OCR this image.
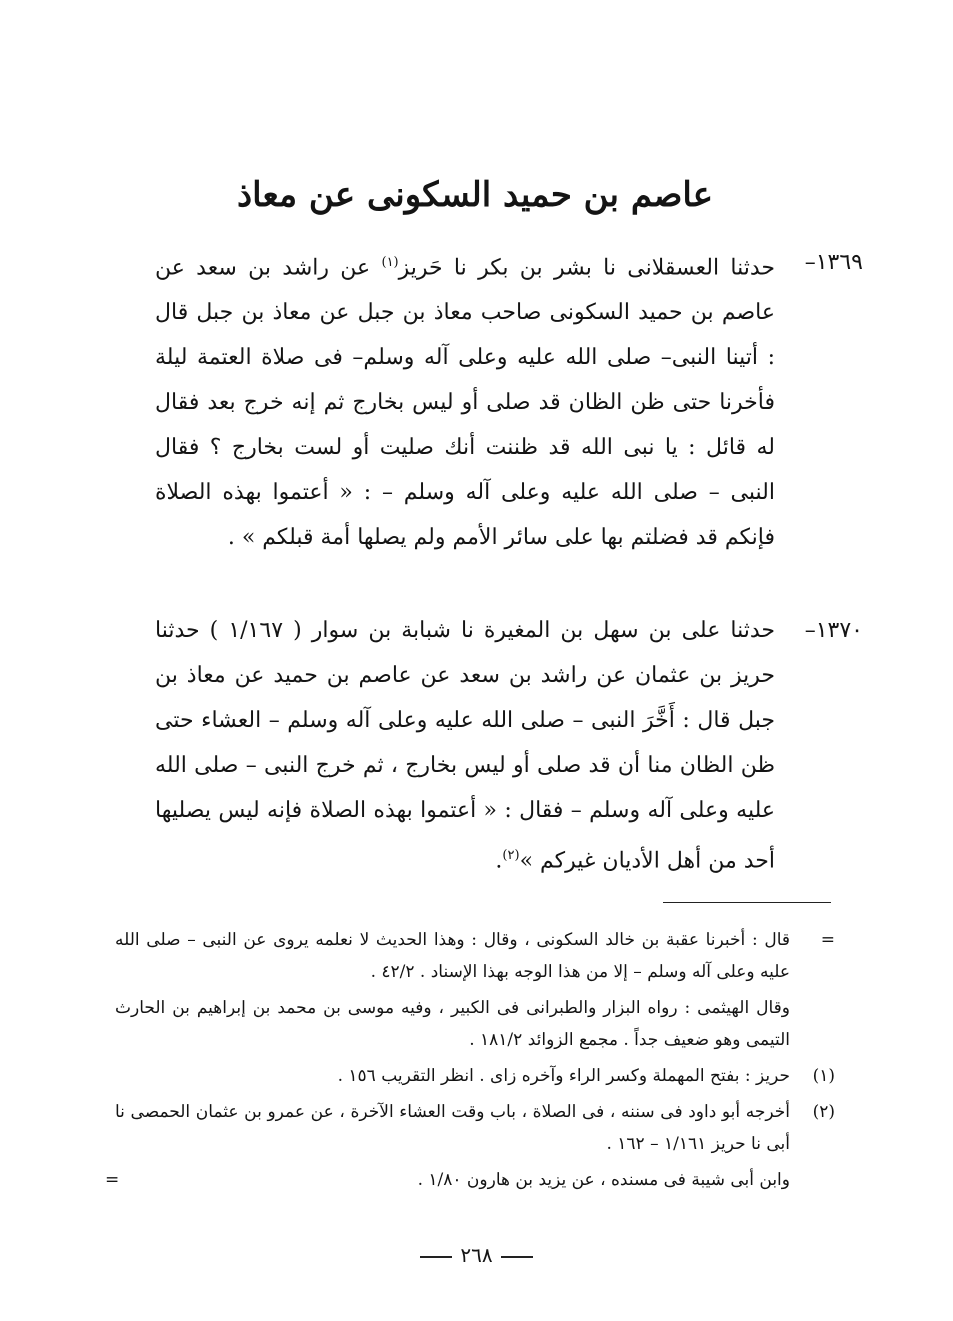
عاصم بن حميد السكونى عن معاذ
١٣٦٩–
حدثنا العسقلانى نا بشر بن بكر نا حَريز$^{(١)}$ عن راشد بن سعد عن عاصم بن حميد السكونى صاحب معاذ بن جبل عن معاذ بن جبل قال : أتينا النبى– صلى الله عليه وعلى آله وسلم– فى صلاة العتمة ليلة فأخرنا حتى ظن الظان قد صلى أو ليس بخارج ثم إنه خرج بعد فقال له قائل : يا نبى الله قد ظننت أنك صليت أو لست بخارج ؟ فقال النبى – صلى الله عليه وعلى آله وسلم – : « أعتموا بهذه الصلاة فإنكم قد فضلتم بها على سائر الأمم ولم يصلها أمة قبلكم » .
١٣٧٠–
حدثنا على بن سهل بن المغيرة نا شبابة بن سوار ( ١/١٦٧ ) حدثنا حريز بن عثمان عن راشد بن سعد عن عاصم بن حميد عن معاذ بن جبل قال : أَخَّرَ النبى – صلى الله عليه وعلى آله وسلم – العشاء حتى ظن الظان منا أن قد صلى أو ليس بخارج ، ثم خرج النبى – صلى الله عليه وعلى آله وسلم – فقال : « أعتموا بهذه الصلاة فإنه ليس يصليها أحد من أهل الأديان غيركم »$^{(٢)}$.

=
قال : أخبرنا عقبة بن خالد السكونى ، وقال : وهذا الحديث لا نعلمه يروى عن النبى – صلى الله عليه وعلى آله وسلم – إلا من هذا الوجه بهذا الإسناد . ٤٢/٢ .

وقال الهيثمى : رواه البزار والطبرانى فى الكبير ، وفيه موسى بن محمد بن إبراهيم بن الحارث التيمى وهو ضعيف جداً . مجمع الزوائد ١٨١/٢ .

(١)
حريز : بفتح المهملة وكسر الراء وآخره زاى . انظر التقريب ١٥٦ .

(٢)
أخرجه أبو داود فى سننه ، فى الصلاة ، باب وقت العشاء الآخرة ، عن عمرو بن عثمان الحمصى نا أبى نا حريز ١/١٦١ – ١٦٢ .

وابن أبى شيبة فى مسنده ، عن يزيد بن هارون ١/٨٠ .
=

٢٦٨
